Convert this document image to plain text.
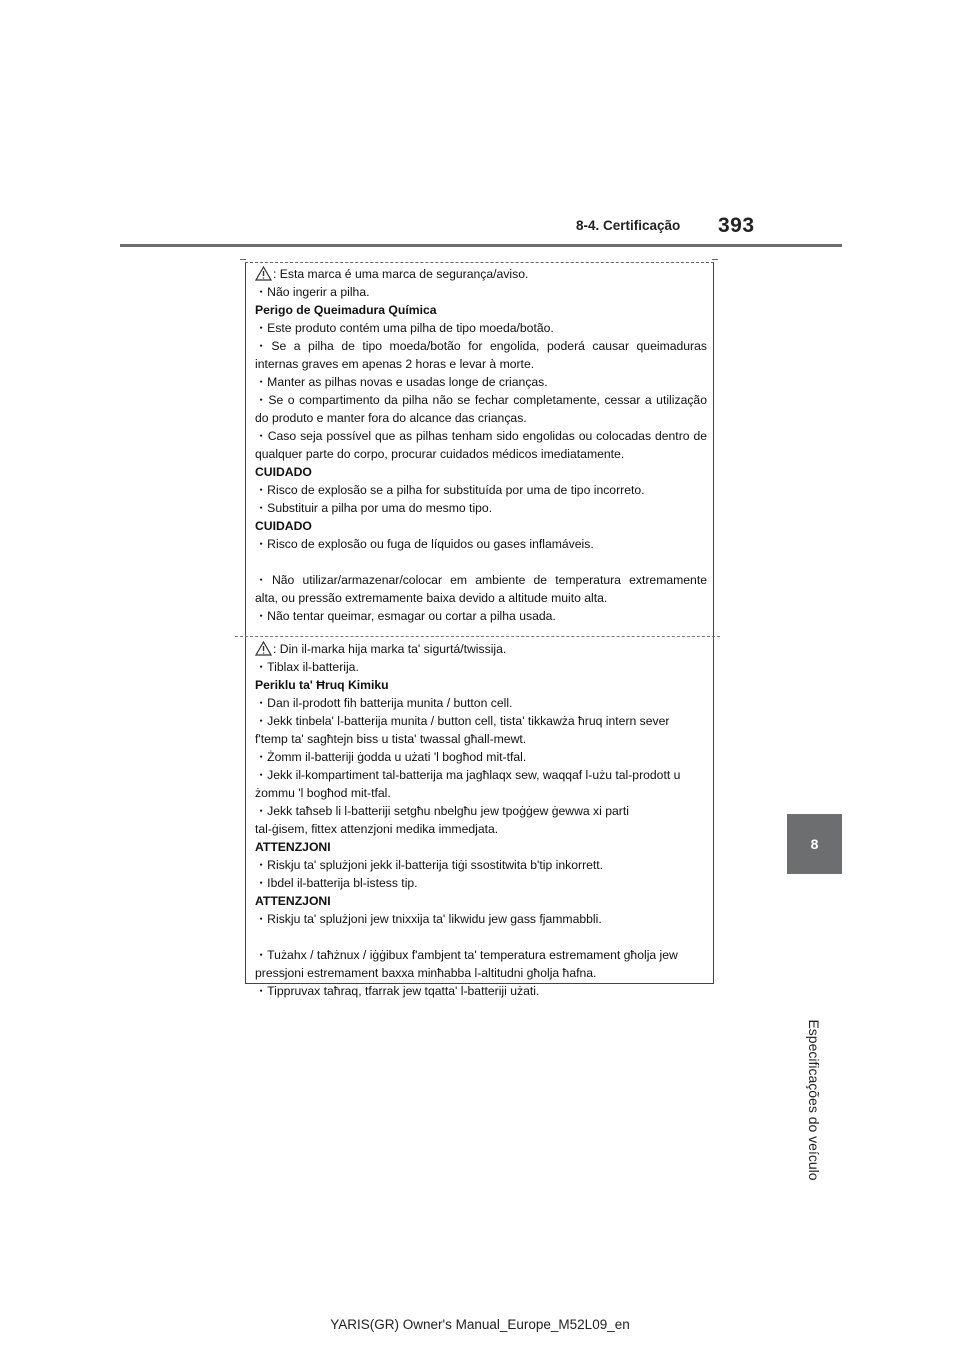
8-4. Certificação 393
8
Especificações do veículo
: Esta marca é uma marca de segurança/aviso.
・Não ingerir a pilha.
Perigo de Queimadura Química
・Este produto contém uma pilha de tipo moeda/botão.
・Se a pilha de tipo moeda/botão for engolida, poderá causar queimaduras
internas graves em apenas 2 horas e levar à morte.
・Manter as pilhas novas e usadas longe de crianças.
・Se o compartimento da pilha não se fechar completamente, cessar a utilização
do produto e manter fora do alcance das crianças.
・Caso seja possível que as pilhas tenham sido engolidas ou colocadas dentro de
qualquer parte do corpo, procurar cuidados médicos imediatamente.
CUIDADO
・Risco de explosão se a pilha for substituída por uma de tipo incorreto.
・Substituir a pilha por uma do mesmo tipo.
CUIDADO
・Risco de explosão ou fuga de líquidos ou gases inflamáveis.
・Não utilizar/armazenar/colocar em ambiente de temperatura extremamente
alta, ou pressão extremamente baixa devido a altitude muito alta.
・Não tentar queimar, esmagar ou cortar a pilha usada.
: Din il-marka hija marka ta' sigurtá/twissija.
・Tiblax il-batterija.
Periklu ta' Ħruq Kimiku
・Dan il-prodott fih batterija munita / button cell.
・Jekk tinbela' l-batterija munita / button cell, tista' tikkawża ħruq intern sever
f'temp ta' sagħtejn biss u tista' twassal għall-mewt.
・Żomm il-batteriji ġodda u użati 'l bogħod mit-tfal.
・Jekk il-kompartiment tal-batterija ma jagħlaqx sew, waqqaf l-użu tal-prodott u
żommu 'l bogħod mit-tfal.
・Jekk taħseb li l-batteriji setgħu nbelgħu jew tpoġġew ġewwa xi parti
tal-ġisem, fittex attenzjoni medika immedjata.
ATTENZJONI
・Riskju ta' splużjoni jekk il-batterija tiġi ssostitwita b'tip inkorrett.
・Ibdel il-batterija bl-istess tip.
ATTENZJONI
・Riskju ta' splużjoni jew tnixxija ta' likwidu jew gass fjammabbli.
・Tużahx / taħżnux / iġġibux f'ambjent ta' temperatura estremament għolja jew
pressjoni estremament baxxa minħabba l-altitudni għolja ħafna.
・Tippruvax taħraq, tfarrak jew tqatta' l-batteriji użati.
YARIS(GR) Owner's Manual_Europe_M52L09_en
